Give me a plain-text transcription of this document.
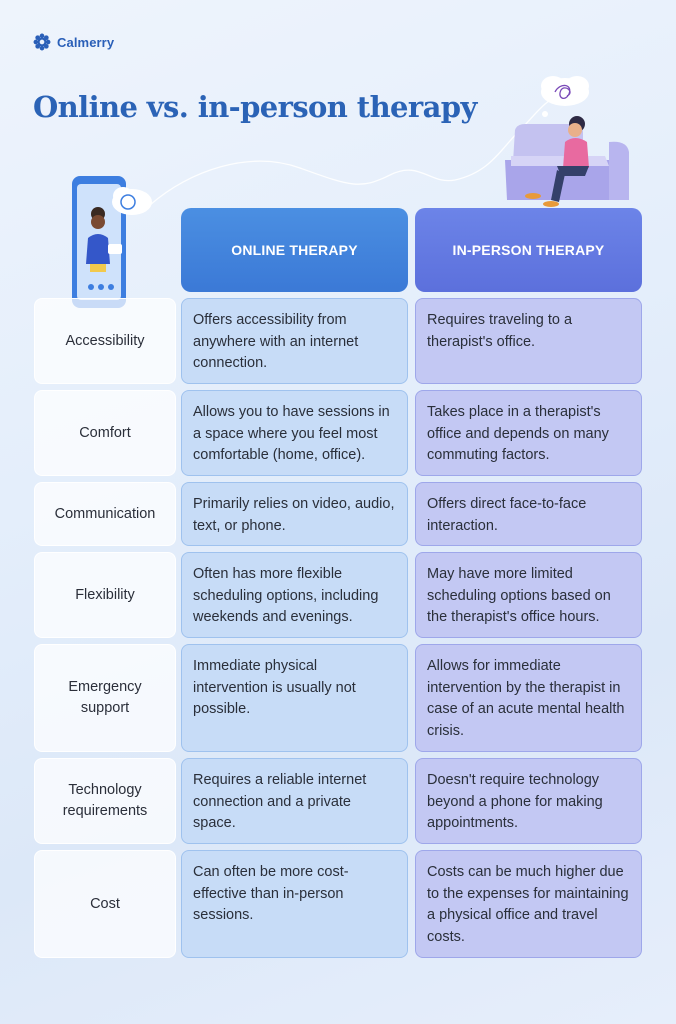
Calmerry
Online vs. in-person therapy
ONLINE THERAPY	IN-PERSON THERAPY
Accessibility
Offers accessibility from anywhere with an internet connection.
Requires traveling to a therapist's office.
Comfort
Allows you to have sessions in a space where you feel most comfortable (home, office).
Takes place in a therapist's office and depends on many commuting factors.
Communication
Primarily relies on video, audio, text, or phone.
Offers direct face-to-face interaction.
Flexibility
Often has more flexible scheduling options, including weekends and evenings.
May have more limited scheduling options based on the therapist's office hours.
Emergency support
Immediate physical intervention is usually not possible.
Allows for immediate intervention by the therapist in case of an acute mental health crisis.
Technology requirements
Requires a reliable internet connection and a private space.
Doesn't require technology beyond a phone for making appointments.
Cost
Can often be more cost-effective than in-person sessions.
Costs can be much higher due to the expenses for maintaining a physical office and travel costs.
